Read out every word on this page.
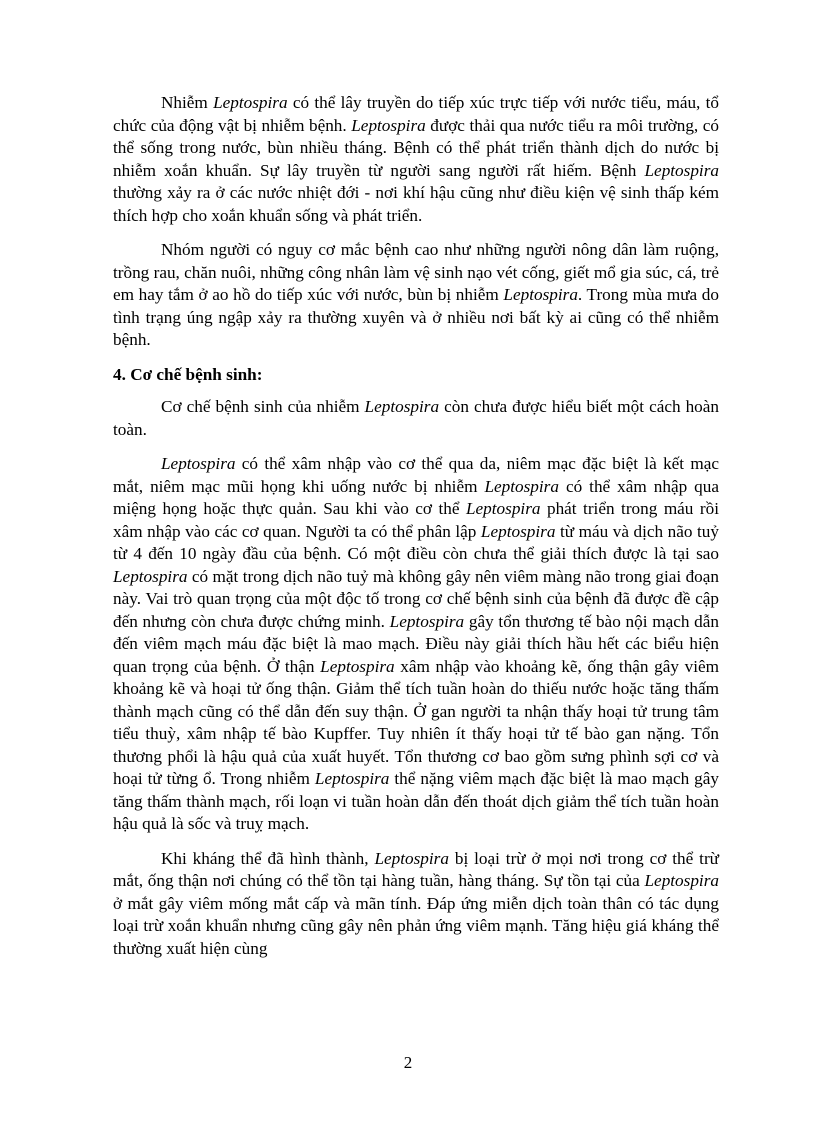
Nhiễm Leptospira có thể lây truyền do tiếp xúc trực tiếp với nước tiểu, máu, tổ chức của động vật bị nhiễm bệnh. Leptospira được thải qua nước tiểu ra môi trường, có thể sống trong nước, bùn nhiều tháng. Bệnh có thể phát triển thành dịch do nước bị nhiễm xoắn khuẩn. Sự lây truyền từ người sang người rất hiếm. Bệnh Leptospira thường xảy ra ở các nước nhiệt đới - nơi khí hậu cũng như điều kiện vệ sinh thấp kém thích hợp cho xoắn khuẩn sống và phát triển.

Nhóm người có nguy cơ mắc bệnh cao như những người nông dân làm ruộng, trồng rau, chăn nuôi, những công nhân làm vệ sinh nạo vét cống, giết mổ gia súc, cá, trẻ em hay tắm ở ao hồ do tiếp xúc với nước, bùn bị nhiễm Leptospira. Trong mùa mưa do tình trạng úng ngập xảy ra thường xuyên và ở nhiều nơi bất kỳ ai cũng có thể nhiễm bệnh.

4. Cơ chế bệnh sinh:

Cơ chế bệnh sinh của nhiễm Leptospira còn chưa được hiểu biết một cách hoàn toàn.

Leptospira có thể xâm nhập vào cơ thể qua da, niêm mạc đặc biệt là kết mạc mắt, niêm mạc mũi họng khi uống nước bị nhiễm Leptospira có thể xâm nhập qua miệng họng hoặc thực quản. Sau khi vào cơ thể Leptospira phát triển trong máu rồi xâm nhập vào các cơ quan. Người ta có thể phân lập Leptospira từ máu và dịch não tuỷ từ 4 đến 10 ngày đầu của bệnh. Có một điều còn chưa thể giải thích được là tại sao Leptospira có mặt trong dịch não tuỷ mà không gây nên viêm màng não trong giai đoạn này. Vai trò quan trọng của một độc tố trong cơ chế bệnh sinh của bệnh đã được đề cập đến nhưng còn chưa được chứng minh. Leptospira gây tổn thương tế bào nội mạch dẫn đến viêm mạch máu đặc biệt là mao mạch. Điều này giải thích hầu hết các biểu hiện quan trọng của bệnh. Ở thận Leptospira xâm nhập vào khoảng kẽ, ống thận gây viêm khoảng kẽ và hoại tử ống thận. Giảm thể tích tuần hoàn do thiếu nước hoặc tăng thấm thành mạch cũng có thể dẫn đến suy thận. Ở gan người ta nhận thấy hoại tử trung tâm tiểu thuỳ, xâm nhập tế bào Kupffer. Tuy nhiên ít thấy hoại tử tế bào gan nặng. Tổn thương phổi là hậu quả của xuất huyết. Tổn thương cơ bao gồm sưng phình sợi cơ và hoại tử từng ổ. Trong nhiễm Leptospira thể nặng viêm mạch đặc biệt là mao mạch gây tăng thấm thành mạch, rối loạn vi tuần hoàn dẫn đến thoát dịch giảm thể tích tuần hoàn hậu quả là sốc và truỵ mạch.

Khi kháng thể đã hình thành, Leptospira bị loại trừ ở mọi nơi trong cơ thể trừ mắt, ống thận nơi chúng có thể tồn tại hàng tuần, hàng tháng. Sự tồn tại của Leptospira ở mắt gây viêm mống mắt cấp và mãn tính. Đáp ứng miễn dịch toàn thân có tác dụng loại trừ xoắn khuẩn nhưng cũng gây nên phản ứng viêm mạnh. Tăng hiệu giá kháng thể thường xuất hiện cùng

2
